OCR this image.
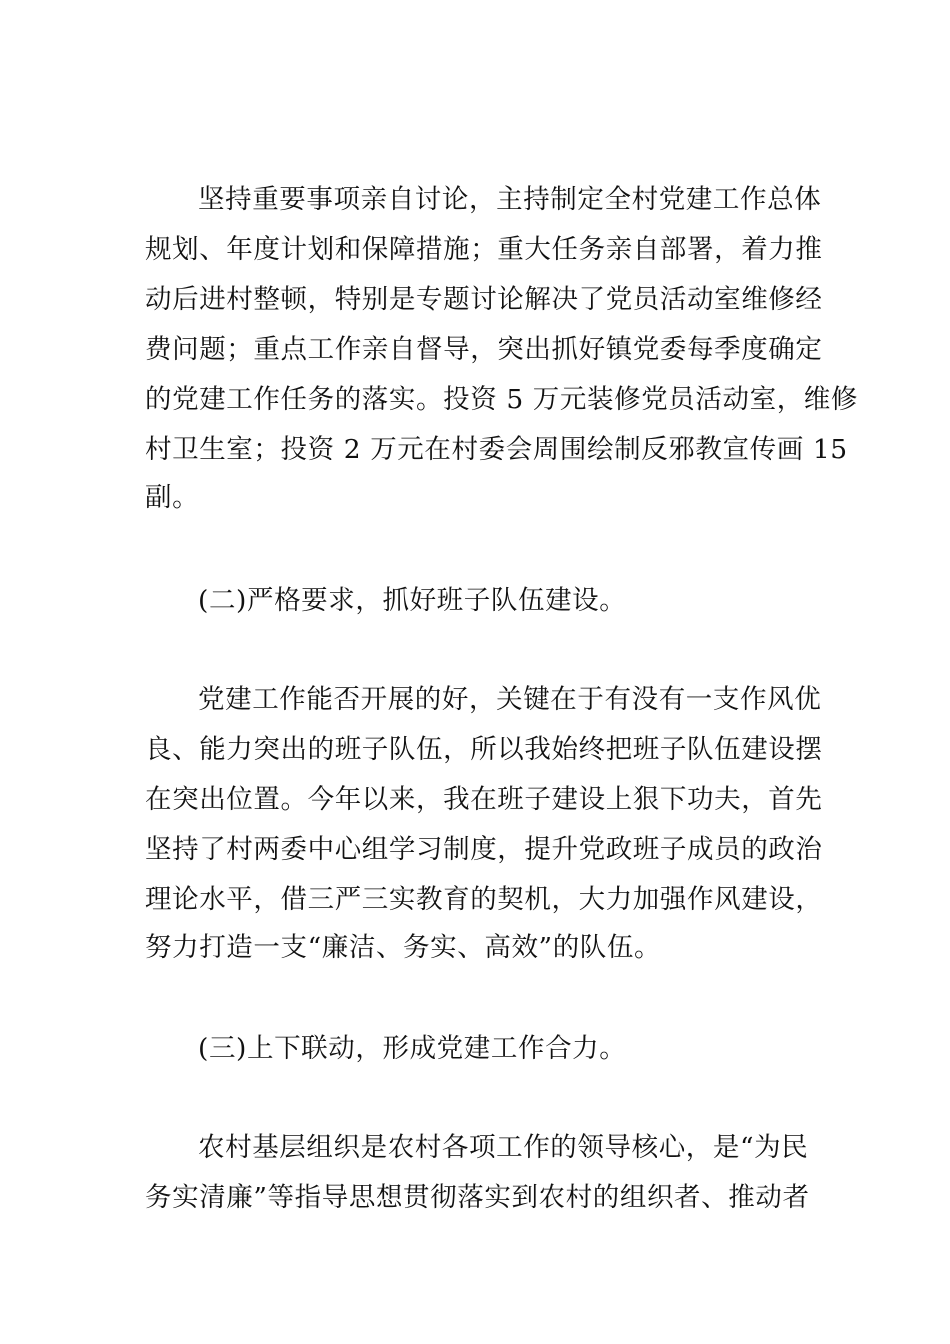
坚持重要事项亲自讨论，主持制定全村党建工作总体
规划、年度计划和保障措施；重大任务亲自部署，着力推
动后进村整顿，特别是专题讨论解决了党员活动室维修经
费问题；重点工作亲自督导，突出抓好镇党委每季度确定
的党建工作任务的落实。投资 5 万元装修党员活动室，维修
村卫生室；投资 2 万元在村委会周围绘制反邪教宣传画 15
副。
(二)严格要求，抓好班子队伍建设。
党建工作能否开展的好，关键在于有没有一支作风优
良、能力突出的班子队伍，所以我始终把班子队伍建设摆
在突出位置。今年以来，我在班子建设上狠下功夫，首先
坚持了村两委中心组学习制度，提升党政班子成员的政治
理论水平，借三严三实教育的契机，大力加强作风建设，
努力打造一支“廉洁、务实、高效”的队伍。
(三)上下联动，形成党建工作合力。
农村基层组织是农村各项工作的领导核心，是“为民
务实清廉”等指导思想贯彻落实到农村的组织者、推动者
